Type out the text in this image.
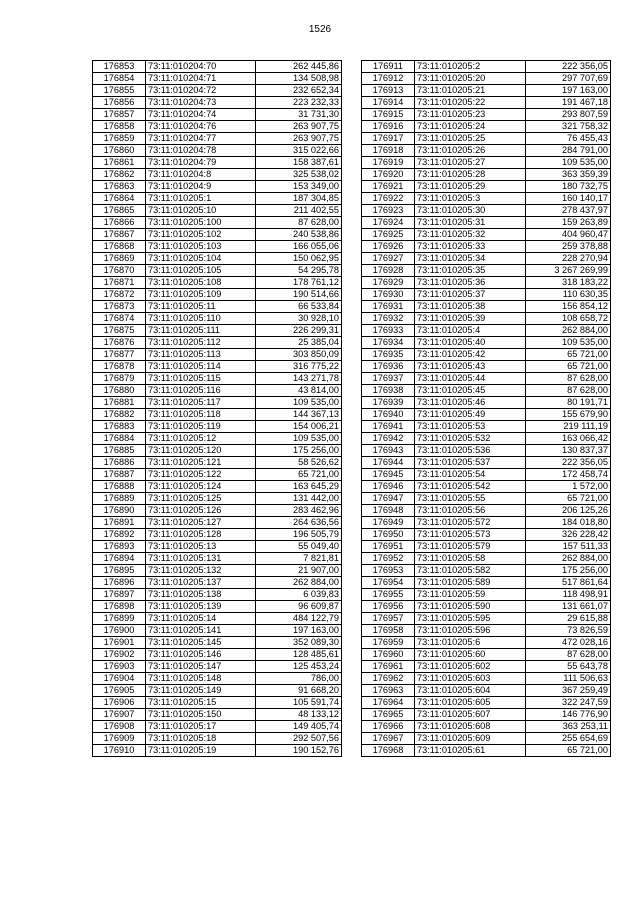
1526
176853	73:11:010204:70	262 445,86
176854	73:11:010204:71	134 508,98
176855	73:11:010204:72	232 652,34
176856	73:11:010204:73	223 232,33
176857	73:11:010204:74	31 731,30
176858	73:11:010204:76	263 907,75
176859	73:11:010204:77	263 907,75
176860	73:11:010204:78	315 022,66
176861	73:11:010204:79	158 387,61
176862	73:11:010204:8	325 538,02
176863	73:11:010204:9	153 349,00
176864	73:11:010205:1	187 304,85
176865	73:11:010205:10	211 402,55
176866	73:11:010205:100	87 628,00
176867	73:11:010205:102	240 538,86
176868	73:11:010205:103	166 055,06
176869	73:11:010205:104	150 062,95
176870	73:11:010205:105	54 295,78
176871	73:11:010205:108	178 761,12
176872	73:11:010205:109	190 514,66
176873	73:11:010205:11	66 533,84
176874	73:11:010205:110	30 928,10
176875	73:11:010205:111	226 299,31
176876	73:11:010205:112	25 385,04
176877	73:11:010205:113	303 850,09
176878	73:11:010205:114	316 775,22
176879	73:11:010205:115	143 271,78
176880	73:11:010205:116	43 814,00
176881	73:11:010205:117	109 535,00
176882	73:11:010205:118	144 367,13
176883	73:11:010205:119	154 006,21
176884	73:11:010205:12	109 535,00
176885	73:11:010205:120	175 256,00
176886	73:11:010205:121	58 526,62
176887	73:11:010205:122	65 721,00
176888	73:11:010205:124	163 645,29
176889	73:11:010205:125	131 442,00
176890	73:11:010205:126	283 462,96
176891	73:11:010205:127	264 636,56
176892	73:11:010205:128	196 505,79
176893	73:11:010205:13	55 049,40
176894	73:11:010205:131	7 821,81
176895	73:11:010205:132	21 907,00
176896	73:11:010205:137	262 884,00
176897	73:11:010205:138	6 039,83
176898	73:11:010205:139	96 609,87
176899	73:11:010205:14	484 122,79
176900	73:11:010205:141	197 163,00
176901	73:11:010205:145	352 089,30
176902	73:11:010205:146	128 485,61
176903	73:11:010205:147	125 453,24
176904	73:11:010205:148	786,00
176905	73:11:010205:149	91 668,20
176906	73:11:010205:15	105 591,74
176907	73:11:010205:150	48 133,12
176908	73:11:010205:17	149 405,74
176909	73:11:010205:18	292 507,56
176910	73:11:010205:19	190 152,76
176911	73:11:010205:2	222 356,05
176912	73:11:010205:20	297 707,69
176913	73:11:010205:21	197 163,00
176914	73:11:010205:22	191 467,18
176915	73:11:010205:23	293 807,59
176916	73:11:010205:24	321 758,32
176917	73:11:010205:25	76 455,43
176918	73:11:010205:26	284 791,00
176919	73:11:010205:27	109 535,00
176920	73:11:010205:28	363 359,39
176921	73:11:010205:29	180 732,75
176922	73:11:010205:3	160 140,17
176923	73:11:010205:30	278 437,97
176924	73:11:010205:31	159 263,89
176925	73:11:010205:32	404 960,47
176926	73:11:010205:33	259 378,88
176927	73:11:010205:34	228 270,94
176928	73:11:010205:35	3 267 269,99
176929	73:11:010205:36	318 183,22
176930	73:11:010205:37	110 630,35
176931	73:11:010205:38	156 854,12
176932	73:11:010205:39	108 658,72
176933	73:11:010205:4	262 884,00
176934	73:11:010205:40	109 535,00
176935	73:11:010205:42	65 721,00
176936	73:11:010205:43	65 721,00
176937	73:11:010205:44	87 628,00
176938	73:11:010205:45	87 628,00
176939	73:11:010205:46	80 191,71
176940	73:11:010205:49	155 679,90
176941	73:11:010205:53	219 111,19
176942	73:11:010205:532	163 066,42
176943	73:11:010205:536	130 837,37
176944	73:11:010205:537	222 356,05
176945	73:11:010205:54	172 458,74
176946	73:11:010205:542	1 572,00
176947	73:11:010205:55	65 721,00
176948	73:11:010205:56	206 125,26
176949	73:11:010205:572	184 018,80
176950	73:11:010205:573	326 228,42
176951	73:11:010205:579	157 511,33
176952	73:11:010205:58	262 884,00
176953	73:11:010205:582	175 256,00
176954	73:11:010205:589	517 861,64
176955	73:11:010205:59	118 498,91
176956	73:11:010205:590	131 661,07
176957	73:11:010205:595	29 615,88
176958	73:11:010205:596	73 826,59
176959	73:11:010205:6	472 028,16
176960	73:11:010205:60	87 628,00
176961	73:11:010205:602	55 643,78
176962	73:11:010205:603	111 506,63
176963	73:11:010205:604	367 259,49
176964	73:11:010205:605	322 247,59
176965	73:11:010205:607	146 776,90
176966	73:11:010205:608	363 253,11
176967	73:11:010205:609	255 654,69
176968	73:11:010205:61	65 721,00
